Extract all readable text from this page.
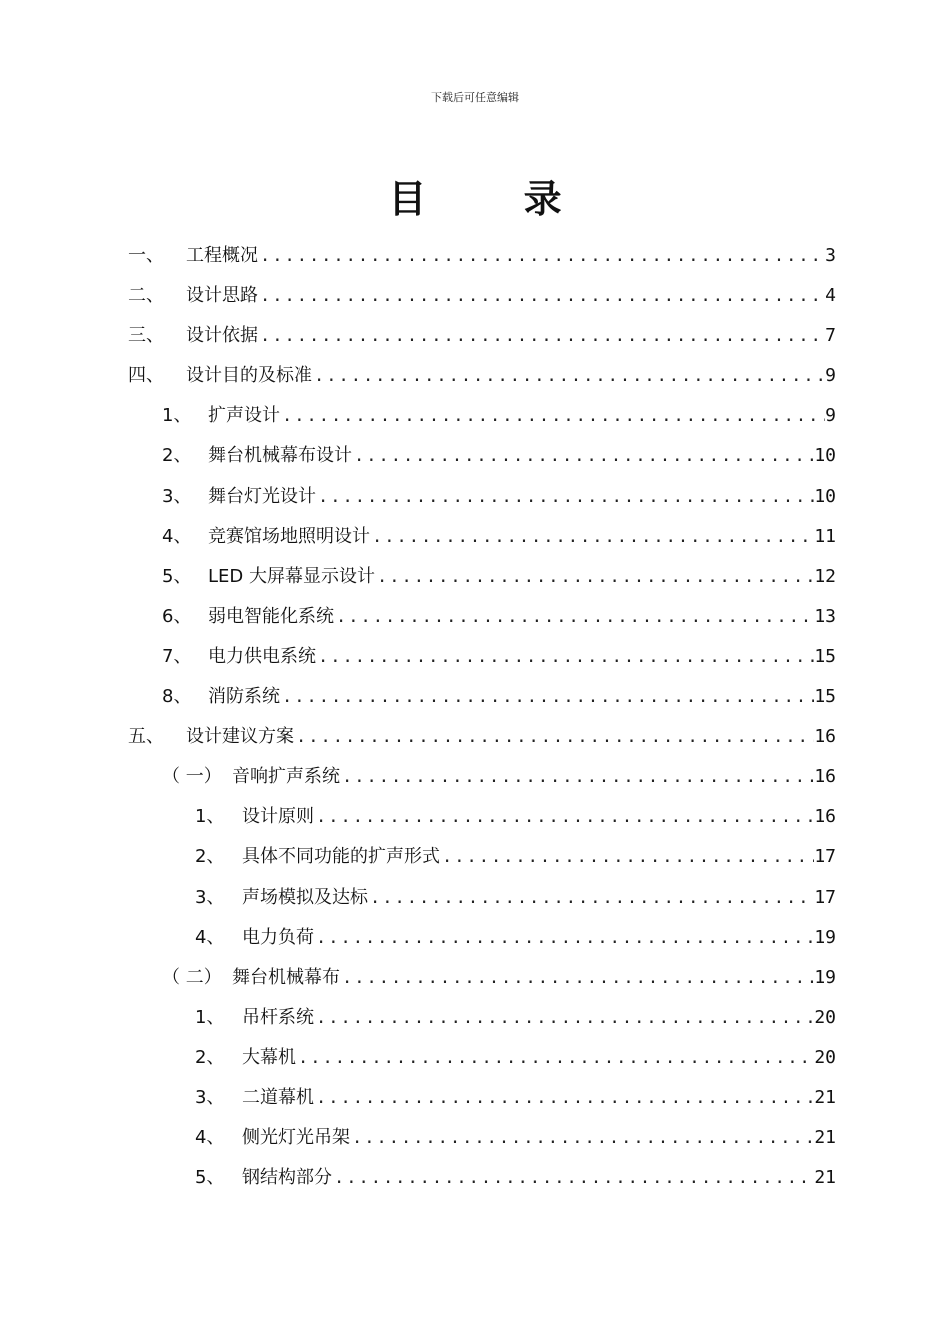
下载后可任意编辑
目 录
一、	工程概况 .....	3
二、	设计思路 .....	4
三、	设计依据 .....	7
四、	设计目的及标准 .....	9
1、 扩声设计 .....	9
2、 舞台机械幕布设计 .....	10
3、 舞台灯光设计 .....	10
4、 竞赛馆场地照明设计 .....	11
5、 LED 大屏幕显示设计 .....	12
6、 弱电智能化系统 .....	13
7、 电力供电系统 .....	15
8、 消防系统 .....	15
五、	设计建议方案 .....	16
（ 一） 音响扩声系统 .....	16
1、 设计原则 .....	16
2、 具体不同功能的扩声形式 .....	17
3、 声场模拟及达标 .....	17
4、 电力负荷 .....	19
（ 二） 舞台机械幕布 .....	19
1、 吊杆系统 .....	20
2、 大幕机 .....	20
3、 二道幕机 .....	21
4、 侧光灯光吊架 .....	21
5、 钢结构部分 .....	21
